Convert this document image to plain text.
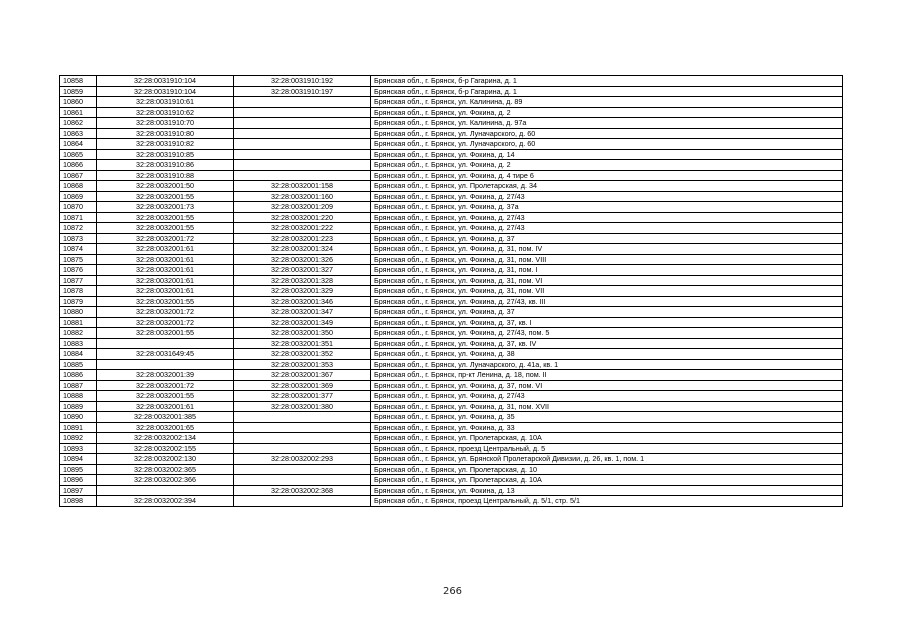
10858	32:28:0031910:104	32:28:0031910:192	Брянская обл., г. Брянск, б-р Гагарина, д. 1
10859	32:28:0031910:104	32:28:0031910:197	Брянская обл., г. Брянск, б-р Гагарина, д. 1
10860	32:28:0031910:61		Брянская обл., г. Брянск, ул. Калинина, д. 89
10861	32:28:0031910:62		Брянская обл., г. Брянск, ул. Фокина, д. 2
10862	32:28:0031910:70		Брянская обл., г. Брянск, ул. Калинина, д. 97а
10863	32:28:0031910:80		Брянская обл., г. Брянск, ул. Луначарского, д. 60
10864	32:28:0031910:82		Брянская обл., г. Брянск, ул. Луначарского, д. 60
10865	32:28:0031910:85		Брянская обл., г. Брянск, ул. Фокина, д. 14
10866	32:28:0031910:86		Брянская обл., г. Брянск, ул. Фокина, д. 2
10867	32:28:0031910:88		Брянская обл., г. Брянск, ул. Фокина, д. 4 тире 6
10868	32:28:0032001:50	32:28:0032001:158	Брянская обл., г. Брянск, ул. Пролетарская, д. 34
10869	32:28:0032001:55	32:28:0032001:160	Брянская обл., г. Брянск, ул. Фокина, д. 27/43
10870	32:28:0032001:73	32:28:0032001:209	Брянская обл., г. Брянск, ул. Фокина, д. 37а
10871	32:28:0032001:55	32:28:0032001:220	Брянская обл., г. Брянск, ул. Фокина, д. 27/43
10872	32:28:0032001:55	32:28:0032001:222	Брянская обл., г. Брянск, ул. Фокина, д. 27/43
10873	32:28:0032001:72	32:28:0032001:223	Брянская обл., г. Брянск, ул. Фокина, д. 37
10874	32:28:0032001:61	32:28:0032001:324	Брянская обл., г. Брянск, ул. Фокина, д. 31, пом. IV
10875	32:28:0032001:61	32:28:0032001:326	Брянская обл., г. Брянск, ул. Фокина, д. 31, пом. VIII
10876	32:28:0032001:61	32:28:0032001:327	Брянская обл., г. Брянск, ул. Фокина, д. 31, пом. I
10877	32:28:0032001:61	32:28:0032001:328	Брянская обл., г. Брянск, ул. Фокина, д. 31, пом. VI
10878	32:28:0032001:61	32:28:0032001:329	Брянская обл., г. Брянск, ул. Фокина, д. 31, пом. VII
10879	32:28:0032001:55	32:28:0032001:346	Брянская обл., г. Брянск, ул. Фокина, д. 27/43, кв. III
10880	32:28:0032001:72	32:28:0032001:347	Брянская обл., г. Брянск, ул. Фокина, д. 37
10881	32:28:0032001:72	32:28:0032001:349	Брянская обл., г. Брянск, ул. Фокина, д. 37, кв. I
10882	32:28:0032001:55	32:28:0032001:350	Брянская обл., г. Брянск, ул. Фокина, д. 27/43, пом. 5
10883		32:28:0032001:351	Брянская обл., г. Брянск, ул. Фокина, д. 37, кв. IV
10884	32:28:0031649:45	32:28:0032001:352	Брянская обл., г. Брянск, ул. Фокина, д. 38
10885		32:28:0032001:353	Брянская обл., г. Брянск, ул. Луначарского, д. 41а, кв. 1
10886	32:28:0032001:39	32:28:0032001:367	Брянская обл., г. Брянск, пр-кт Ленина, д. 18, пом. II
10887	32:28:0032001:72	32:28:0032001:369	Брянская обл., г. Брянск, ул. Фокина, д. 37, пом. VI
10888	32:28:0032001:55	32:28:0032001:377	Брянская обл., г. Брянск, ул. Фокина, д. 27/43
10889	32:28:0032001:61	32:28:0032001:380	Брянская обл., г. Брянск, ул. Фокина, д. 31, пом. XVII
10890	32:28:0032001:385		Брянская обл., г. Брянск, ул. Фокина, д. 35
10891	32:28:0032001:65		Брянская обл., г. Брянск, ул. Фокина, д. 33
10892	32:28:0032002:134		Брянская обл., г. Брянск, ул. Пролетарская, д. 10А
10893	32:28:0032002:155		Брянская обл., г. Брянск, проезд Центральный, д. 5
10894	32:28:0032002:130	32:28:0032002:293	Брянская обл., г. Брянск, ул. Брянской Пролетарской Дивизии, д. 26, кв. 1, пом. 1
10895	32:28:0032002:365		Брянская обл., г. Брянск, ул. Пролетарская, д. 10
10896	32:28:0032002:366		Брянская обл., г. Брянск, ул. Пролетарская, д. 10А
10897		32:28:0032002:368	Брянская обл., г. Брянск, ул. Фокина, д. 13
10898	32:28:0032002:394		Брянская обл., г. Брянск, проезд Центральный, д. 5/1, стр. 5/1
266
